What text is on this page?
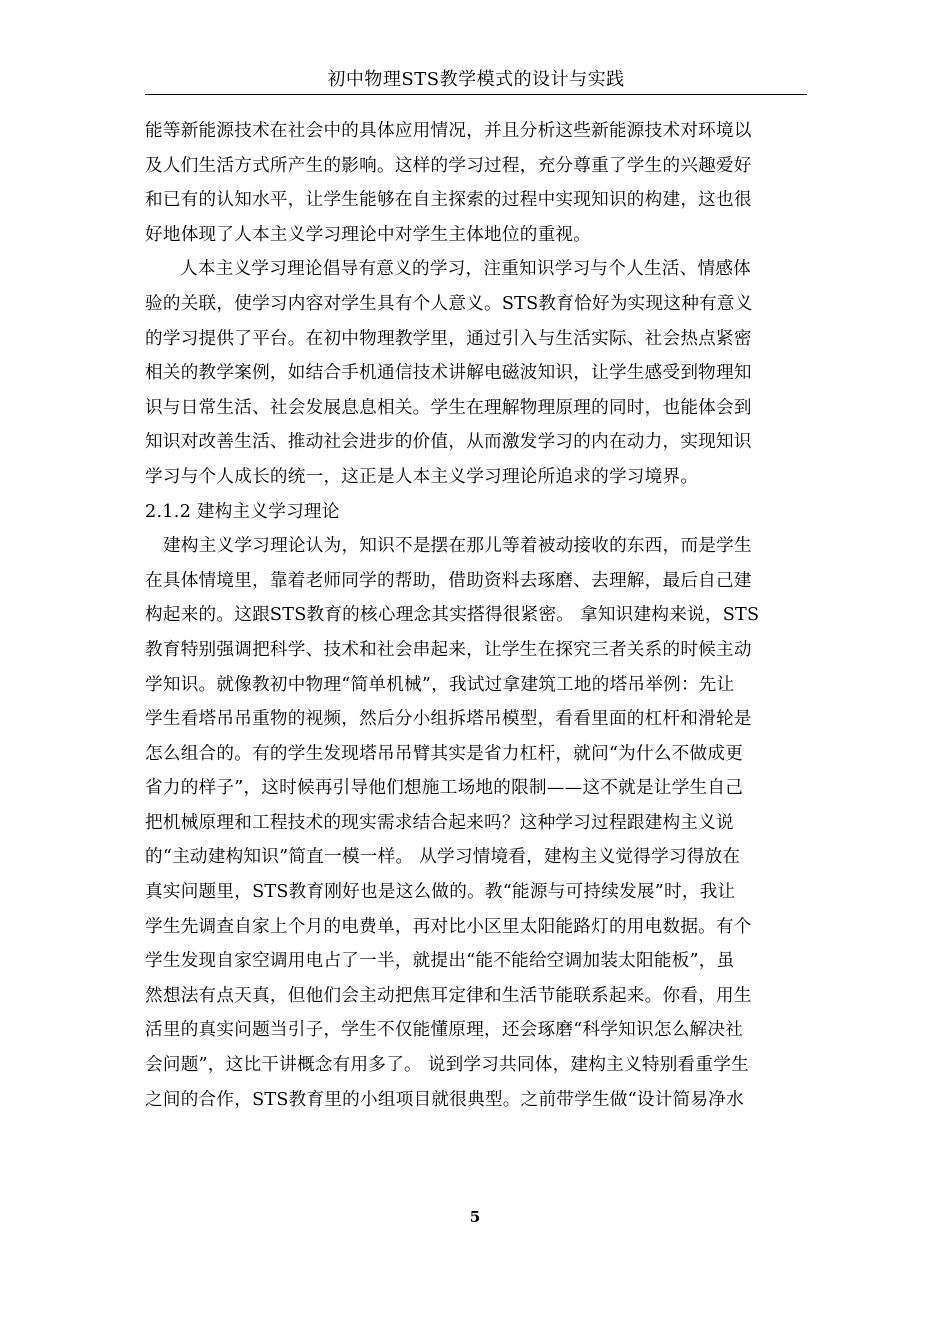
初中物理STS教学模式的设计与实践
能等新能源技术在社会中的具体应用情况，并且分析这些新能源技术对环境以
及人们生活方式所产生的影响。这样的学习过程，充分尊重了学生的兴趣爱好
和已有的认知水平，让学生能够在自主探索的过程中实现知识的构建，这也很
好地体现了人本主义学习理论中对学生主体地位的重视。
人本主义学习理论倡导有意义的学习，注重知识学习与个人生活、情感体
验的关联，使学习内容对学生具有个人意义。STS教育恰好为实现这种有意义
的学习提供了平台。在初中物理教学里，通过引入与生活实际、社会热点紧密
相关的教学案例，如结合手机通信技术讲解电磁波知识，让学生感受到物理知
识与日常生活、社会发展息息相关。学生在理解物理原理的同时，也能体会到
知识对改善生活、推动社会进步的价值，从而激发学习的内在动力，实现知识
学习与个人成长的统一，这正是人本主义学习理论所追求的学习境界。
2.1.2 建构主义学习理论
建构主义学习理论认为，知识不是摆在那儿等着被动接收的东西，而是学生
在具体情境里，靠着老师同学的帮助，借助资料去琢磨、去理解，最后自己建
构起来的。这跟STS教育的核心理念其实搭得很紧密。 拿知识建构来说，STS
教育特别强调把科学、技术和社会串起来，让学生在探究三者关系的时候主动
学知识。就像教初中物理“简单机械”，我试过拿建筑工地的塔吊举例：先让
学生看塔吊吊重物的视频，然后分小组拆塔吊模型，看看里面的杠杆和滑轮是
怎么组合的。有的学生发现塔吊吊臂其实是省力杠杆，就问“为什么不做成更
省力的样子”，这时候再引导他们想施工场地的限制——这不就是让学生自己
把机械原理和工程技术的现实需求结合起来吗？这种学习过程跟建构主义说
的“主动建构知识”简直一模一样。 从学习情境看，建构主义觉得学习得放在
真实问题里，STS教育刚好也是这么做的。教“能源与可持续发展”时，我让
学生先调查自家上个月的电费单，再对比小区里太阳能路灯的用电数据。有个
学生发现自家空调用电占了一半，就提出“能不能给空调加装太阳能板”，虽
然想法有点天真，但他们会主动把焦耳定律和生活节能联系起来。你看，用生
活里的真实问题当引子，学生不仅能懂原理，还会琢磨“科学知识怎么解决社
会问题”，这比干讲概念有用多了。 说到学习共同体，建构主义特别看重学生
之间的合作，STS教育里的小组项目就很典型。之前带学生做“设计简易净水
5
